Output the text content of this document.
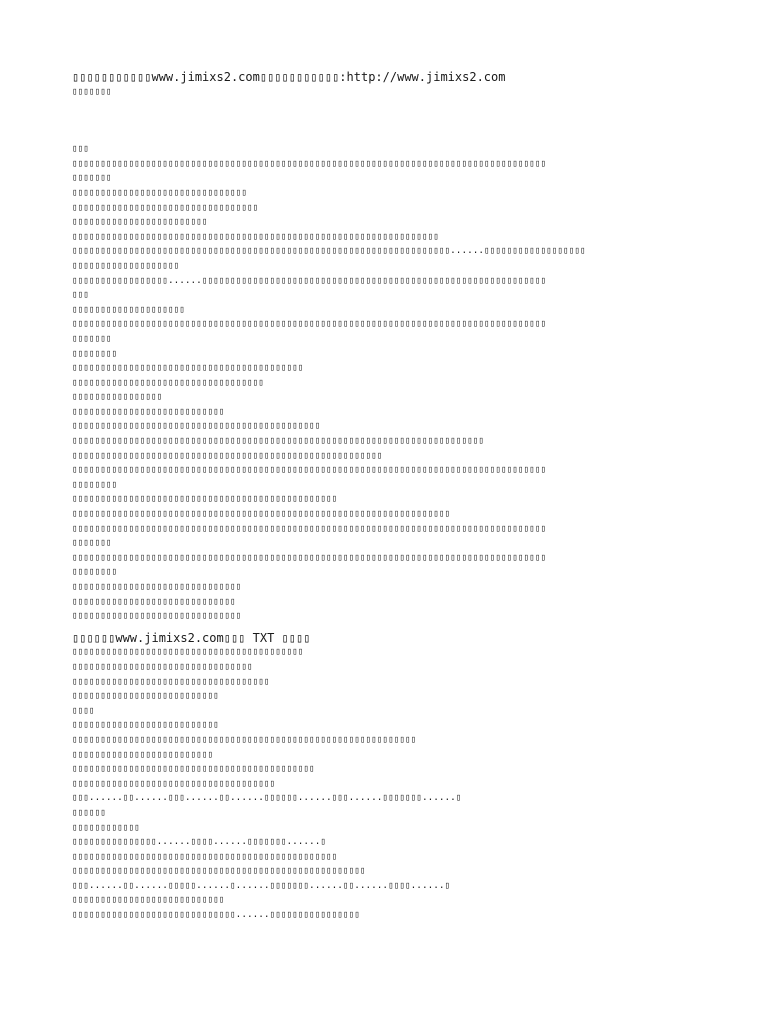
▯▯▯▯▯▯▯▯▯▯▯www.jimixs2.com▯▯▯▯▯▯▯▯▯▯▯:http://www.jimixs2.com
▯▯▯▯▯▯▯
▯▯▯
▯▯▯▯▯▯▯▯▯▯▯▯▯▯▯▯▯▯▯▯▯▯▯▯▯▯▯▯▯▯▯▯▯▯▯▯▯▯▯▯▯▯▯▯▯▯▯▯▯▯▯▯▯▯▯▯▯▯▯▯▯▯▯▯▯▯▯▯▯▯▯▯▯▯▯▯▯▯▯▯▯▯▯▯
▯▯▯▯▯▯▯
▯▯▯▯▯▯▯▯▯▯▯▯▯▯▯▯▯▯▯▯▯▯▯▯▯▯▯▯▯▯▯
▯▯▯▯▯▯▯▯▯▯▯▯▯▯▯▯▯▯▯▯▯▯▯▯▯▯▯▯▯▯▯▯▯
▯▯▯▯▯▯▯▯▯▯▯▯▯▯▯▯▯▯▯▯▯▯▯▯
▯▯▯▯▯▯▯▯▯▯▯▯▯▯▯▯▯▯▯▯▯▯▯▯▯▯▯▯▯▯▯▯▯▯▯▯▯▯▯▯▯▯▯▯▯▯▯▯▯▯▯▯▯▯▯▯▯▯▯▯▯▯▯▯▯
▯▯▯▯▯▯▯▯▯▯▯▯▯▯▯▯▯▯▯▯▯▯▯▯▯▯▯▯▯▯▯▯▯▯▯▯▯▯▯▯▯▯▯▯▯▯▯▯▯▯▯▯▯▯▯▯▯▯▯▯▯▯▯▯▯▯▯......▯▯▯▯▯▯▯▯▯▯▯▯▯▯▯▯▯▯
▯▯▯▯▯▯▯▯▯▯▯▯▯▯▯▯▯▯▯
▯▯▯▯▯▯▯▯▯▯▯▯▯▯▯▯▯......▯▯▯▯▯▯▯▯▯▯▯▯▯▯▯▯▯▯▯▯▯▯▯▯▯▯▯▯▯▯▯▯▯▯▯▯▯▯▯▯▯▯▯▯▯▯▯▯▯▯▯▯▯▯▯▯▯▯▯▯▯
▯▯▯
▯▯▯▯▯▯▯▯▯▯▯▯▯▯▯▯▯▯▯▯
▯▯▯▯▯▯▯▯▯▯▯▯▯▯▯▯▯▯▯▯▯▯▯▯▯▯▯▯▯▯▯▯▯▯▯▯▯▯▯▯▯▯▯▯▯▯▯▯▯▯▯▯▯▯▯▯▯▯▯▯▯▯▯▯▯▯▯▯▯▯▯▯▯▯▯▯▯▯▯▯▯▯▯▯
▯▯▯▯▯▯▯
▯▯▯▯▯▯▯▯
▯▯▯▯▯▯▯▯▯▯▯▯▯▯▯▯▯▯▯▯▯▯▯▯▯▯▯▯▯▯▯▯▯▯▯▯▯▯▯▯▯
▯▯▯▯▯▯▯▯▯▯▯▯▯▯▯▯▯▯▯▯▯▯▯▯▯▯▯▯▯▯▯▯▯▯
▯▯▯▯▯▯▯▯▯▯▯▯▯▯▯▯
▯▯▯▯▯▯▯▯▯▯▯▯▯▯▯▯▯▯▯▯▯▯▯▯▯▯▯
▯▯▯▯▯▯▯▯▯▯▯▯▯▯▯▯▯▯▯▯▯▯▯▯▯▯▯▯▯▯▯▯▯▯▯▯▯▯▯▯▯▯▯▯
▯▯▯▯▯▯▯▯▯▯▯▯▯▯▯▯▯▯▯▯▯▯▯▯▯▯▯▯▯▯▯▯▯▯▯▯▯▯▯▯▯▯▯▯▯▯▯▯▯▯▯▯▯▯▯▯▯▯▯▯▯▯▯▯▯▯▯▯▯▯▯▯▯
▯▯▯▯▯▯▯▯▯▯▯▯▯▯▯▯▯▯▯▯▯▯▯▯▯▯▯▯▯▯▯▯▯▯▯▯▯▯▯▯▯▯▯▯▯▯▯▯▯▯▯▯▯▯▯
▯▯▯▯▯▯▯▯▯▯▯▯▯▯▯▯▯▯▯▯▯▯▯▯▯▯▯▯▯▯▯▯▯▯▯▯▯▯▯▯▯▯▯▯▯▯▯▯▯▯▯▯▯▯▯▯▯▯▯▯▯▯▯▯▯▯▯▯▯▯▯▯▯▯▯▯▯▯▯▯▯▯▯▯
▯▯▯▯▯▯▯▯
▯▯▯▯▯▯▯▯▯▯▯▯▯▯▯▯▯▯▯▯▯▯▯▯▯▯▯▯▯▯▯▯▯▯▯▯▯▯▯▯▯▯▯▯▯▯▯
▯▯▯▯▯▯▯▯▯▯▯▯▯▯▯▯▯▯▯▯▯▯▯▯▯▯▯▯▯▯▯▯▯▯▯▯▯▯▯▯▯▯▯▯▯▯▯▯▯▯▯▯▯▯▯▯▯▯▯▯▯▯▯▯▯▯▯
▯▯▯▯▯▯▯▯▯▯▯▯▯▯▯▯▯▯▯▯▯▯▯▯▯▯▯▯▯▯▯▯▯▯▯▯▯▯▯▯▯▯▯▯▯▯▯▯▯▯▯▯▯▯▯▯▯▯▯▯▯▯▯▯▯▯▯▯▯▯▯▯▯▯▯▯▯▯▯▯▯▯▯▯
▯▯▯▯▯▯▯
▯▯▯▯▯▯▯▯▯▯▯▯▯▯▯▯▯▯▯▯▯▯▯▯▯▯▯▯▯▯▯▯▯▯▯▯▯▯▯▯▯▯▯▯▯▯▯▯▯▯▯▯▯▯▯▯▯▯▯▯▯▯▯▯▯▯▯▯▯▯▯▯▯▯▯▯▯▯▯▯▯▯▯▯
▯▯▯▯▯▯▯▯
▯▯▯▯▯▯▯▯▯▯▯▯▯▯▯▯▯▯▯▯▯▯▯▯▯▯▯▯▯▯
▯▯▯▯▯▯▯▯▯▯▯▯▯▯▯▯▯▯▯▯▯▯▯▯▯▯▯▯▯
▯▯▯▯▯▯▯▯▯▯▯▯▯▯▯▯▯▯▯▯▯▯▯▯▯▯▯▯▯▯
▯▯▯▯▯▯www.jimixs2.com▯▯▯ TXT ▯▯▯▯
▯▯▯▯▯▯▯▯▯▯▯▯▯▯▯▯▯▯▯▯▯▯▯▯▯▯▯▯▯▯▯▯▯▯▯▯▯▯▯▯▯
▯▯▯▯▯▯▯▯▯▯▯▯▯▯▯▯▯▯▯▯▯▯▯▯▯▯▯▯▯▯▯▯
▯▯▯▯▯▯▯▯▯▯▯▯▯▯▯▯▯▯▯▯▯▯▯▯▯▯▯▯▯▯▯▯▯▯▯
▯▯▯▯▯▯▯▯▯▯▯▯▯▯▯▯▯▯▯▯▯▯▯▯▯▯
▯▯▯▯
▯▯▯▯▯▯▯▯▯▯▯▯▯▯▯▯▯▯▯▯▯▯▯▯▯▯
▯▯▯▯▯▯▯▯▯▯▯▯▯▯▯▯▯▯▯▯▯▯▯▯▯▯▯▯▯▯▯▯▯▯▯▯▯▯▯▯▯▯▯▯▯▯▯▯▯▯▯▯▯▯▯▯▯▯▯▯▯
▯▯▯▯▯▯▯▯▯▯▯▯▯▯▯▯▯▯▯▯▯▯▯▯▯
▯▯▯▯▯▯▯▯▯▯▯▯▯▯▯▯▯▯▯▯▯▯▯▯▯▯▯▯▯▯▯▯▯▯▯▯▯▯▯▯▯▯▯
▯▯▯▯▯▯▯▯▯▯▯▯▯▯▯▯▯▯▯▯▯▯▯▯▯▯▯▯▯▯▯▯▯▯▯▯
▯▯▯......▯▯......▯▯▯......▯▯......▯▯▯▯▯▯......▯▯▯......▯▯▯▯▯▯▯......▯
▯▯▯▯▯▯
▯▯▯▯▯▯▯▯▯▯▯▯
▯▯▯▯▯▯▯▯▯▯▯▯▯▯▯......▯▯▯▯......▯▯▯▯▯▯▯......▯
▯▯▯▯▯▯▯▯▯▯▯▯▯▯▯▯▯▯▯▯▯▯▯▯▯▯▯▯▯▯▯▯▯▯▯▯▯▯▯▯▯▯▯▯▯▯▯
▯▯▯▯▯▯▯▯▯▯▯▯▯▯▯▯▯▯▯▯▯▯▯▯▯▯▯▯▯▯▯▯▯▯▯▯▯▯▯▯▯▯▯▯▯▯▯▯▯▯▯▯
▯▯▯......▯▯......▯▯▯▯▯......▯......▯▯▯▯▯▯▯......▯▯......▯▯▯▯......▯
▯▯▯▯▯▯▯▯▯▯▯▯▯▯▯▯▯▯▯▯▯▯▯▯▯▯▯
▯▯▯▯▯▯▯▯▯▯▯▯▯▯▯▯▯▯▯▯▯▯▯▯▯▯▯▯▯......▯▯▯▯▯▯▯▯▯▯▯▯▯▯▯▯
